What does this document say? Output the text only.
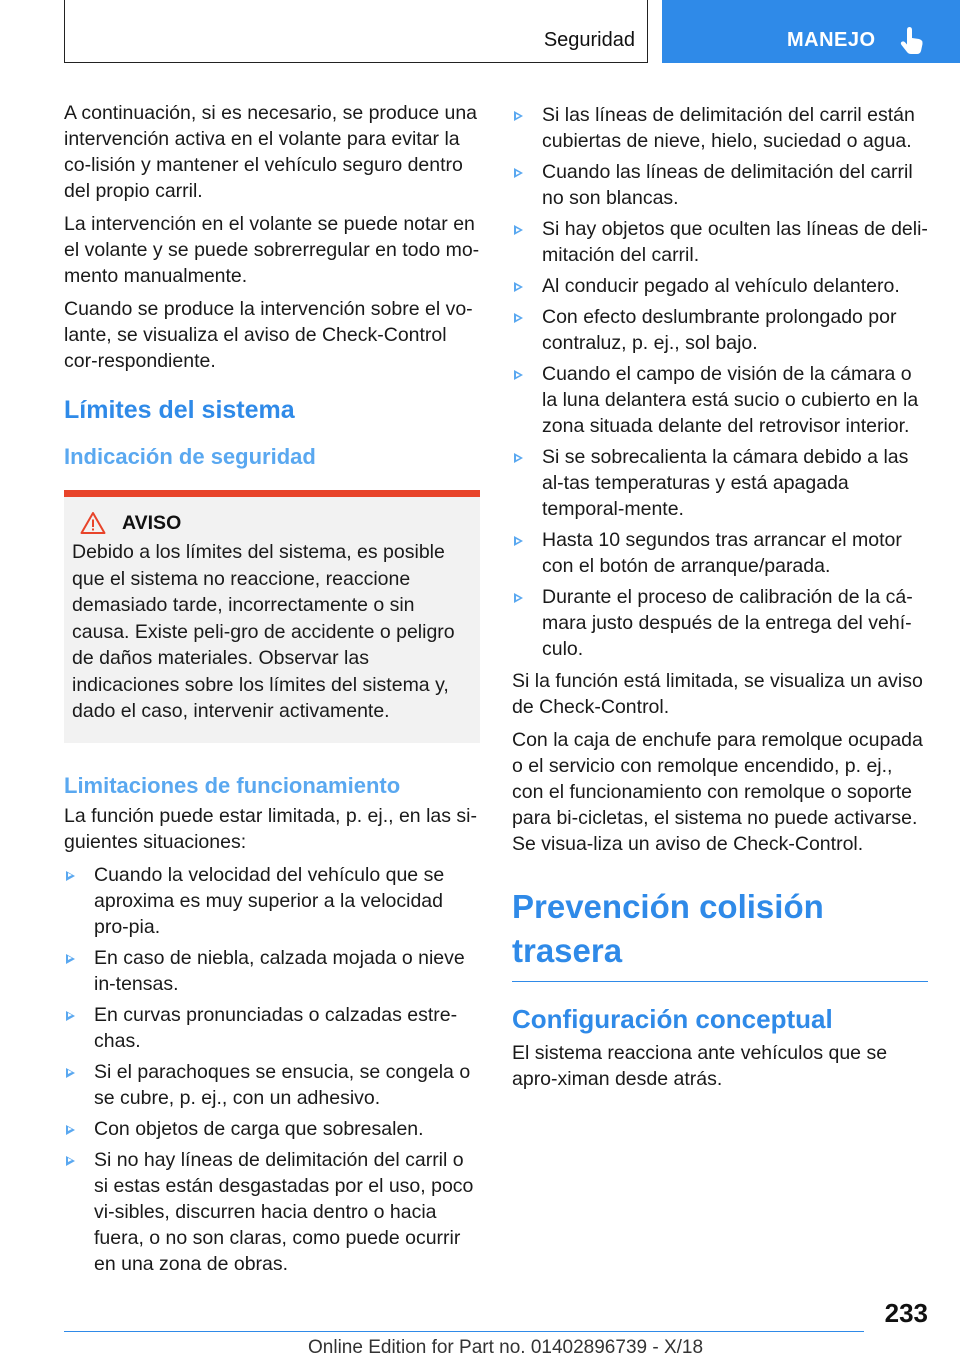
Seguridad	MANEJO

A continuación, si es necesario, se produce una intervención activa en el volante para evitar la co-lisión y mantener el vehículo seguro dentro del propio carril.

La intervención en el volante se puede notar en el volante y se puede sobrerregular en todo mo-mento manualmente.

Cuando se produce la intervención sobre el vo-lante, se visualiza el aviso de Check-Control cor-respondiente.

Límites del sistema
Indicación de seguridad
AVISO
Debido a los límites del sistema, es posible que el sistema no reaccione, reaccione demasiado tarde, incorrectamente o sin causa. Existe peli-gro de accidente o peligro de daños materiales. Observar las indicaciones sobre los límites del sistema y, dado el caso, intervenir activamente.
Limitaciones de funcionamiento

La función puede estar limitada, p. ej., en las si-guientes situaciones:

Cuando la velocidad del vehículo que se aproxima es muy superior a la velocidad pro-pia.
En caso de niebla, calzada mojada o nieve in-tensas.
En curvas pronunciadas o calzadas estre-chas.
Si el parachoques se ensucia, se congela o se cubre, p. ej., con un adhesivo.
Con objetos de carga que sobresalen.
Si no hay líneas de delimitación del carril o si estas están desgastadas por el uso, poco vi-sibles, discurren hacia dentro o hacia fuera, o no son claras, como puede ocurrir en una zona de obras.
Si las líneas de delimitación del carril están cubiertas de nieve, hielo, suciedad o agua.
Cuando las líneas de delimitación del carril no son blancas.
Si hay objetos que oculten las líneas de deli-mitación del carril.
Al conducir pegado al vehículo delantero.
Con efecto deslumbrante prolongado por contraluz, p. ej., sol bajo.
Cuando el campo de visión de la cámara o la luna delantera está sucio o cubierto en la zona situada delante del retrovisor interior.
Si se sobrecalienta la cámara debido a las al-tas temperaturas y está apagada temporal-mente.
Hasta 10 segundos tras arrancar el motor con el botón de arranque/parada.
Durante el proceso de calibración de la cá-mara justo después de la entrega del vehí-culo.

Si la función está limitada, se visualiza un aviso de Check-Control.

Con la caja de enchufe para remolque ocupada o el servicio con remolque encendido, p. ej., con el funcionamiento con remolque o soporte para bi-cicletas, el sistema no puede activarse. Se visua-liza un aviso de Check-Control.

Prevención colisión trasera
Configuración conceptual

El sistema reacciona ante vehículos que se apro-ximan desde atrás.

233
Online Edition for Part no. 01402896739 - X/18
